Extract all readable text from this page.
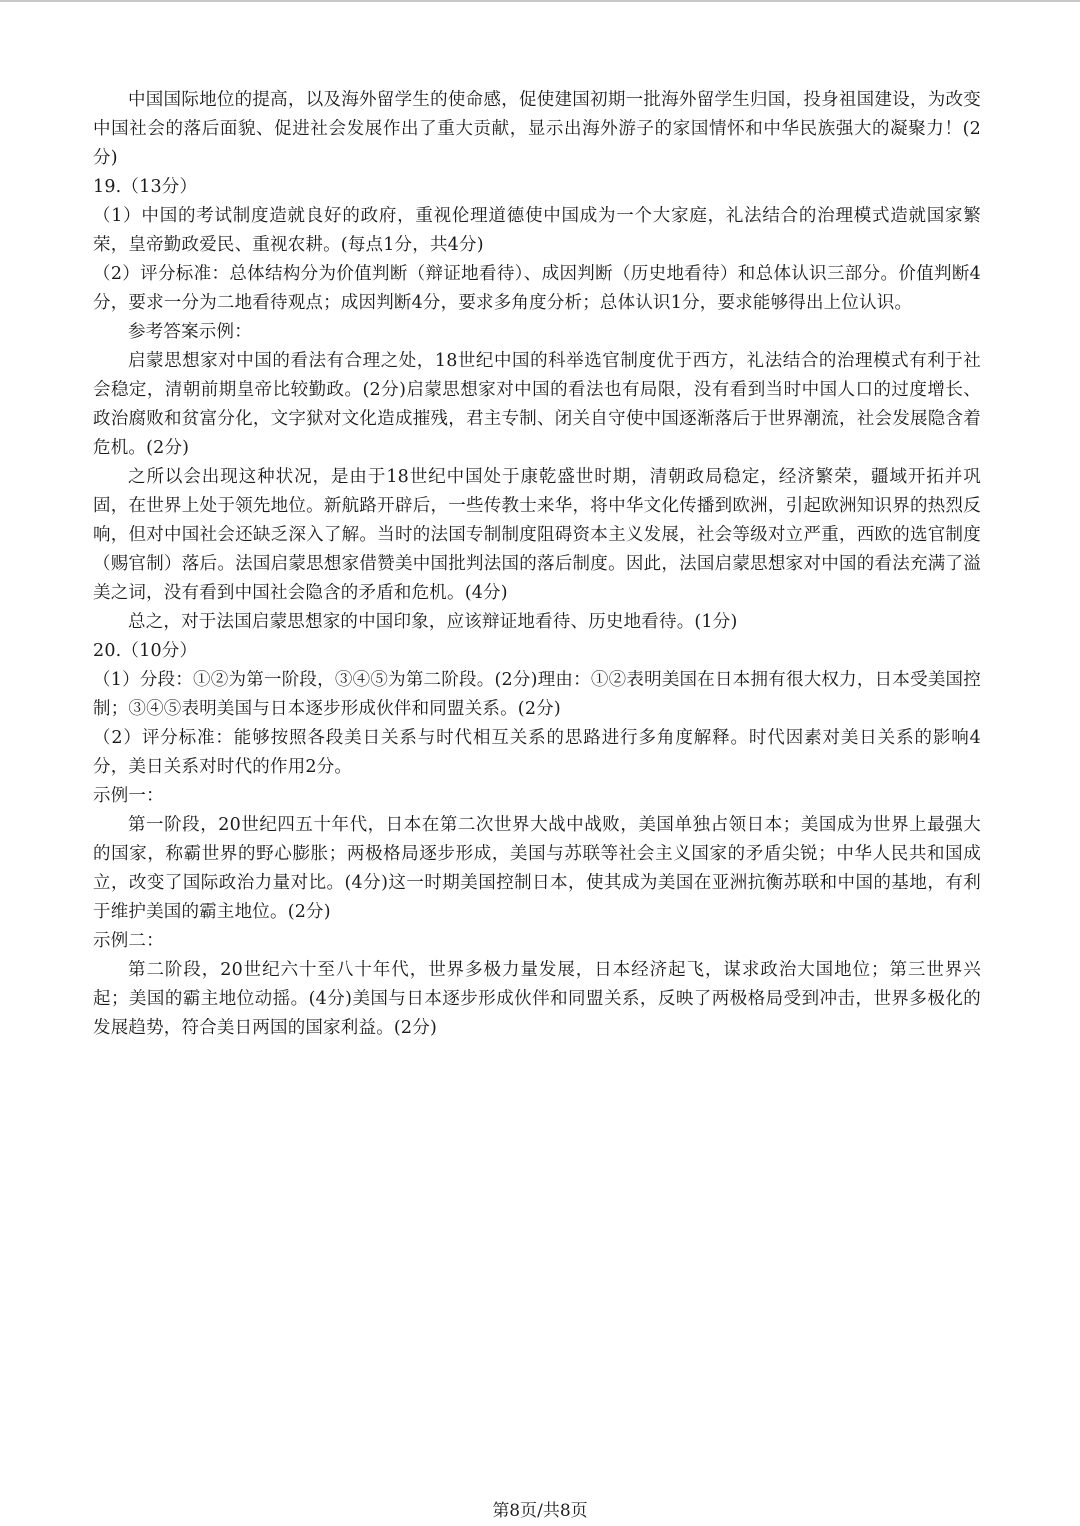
中国国际地位的提高，以及海外留学生的使命感，促使建国初期一批海外留学生归国，投身祖国建设，为改变中国社会的落后面貌、促进社会发展作出了重大贡献，显示出海外游子的家国情怀和中华民族强大的凝聚力！(2分)

19.（13分）

（1）中国的考试制度造就良好的政府，重视伦理道德使中国成为一个大家庭，礼法结合的治理模式造就国家繁荣，皇帝勤政爱民、重视农耕。(每点1分，共4分)

（2）评分标准：总体结构分为价值判断（辩证地看待）、成因判断（历史地看待）和总体认识三部分。价值判断4分，要求一分为二地看待观点；成因判断4分，要求多角度分析；总体认识1分，要求能够得出上位认识。

参考答案示例：

启蒙思想家对中国的看法有合理之处，18世纪中国的科举选官制度优于西方，礼法结合的治理模式有利于社会稳定，清朝前期皇帝比较勤政。(2分)启蒙思想家对中国的看法也有局限，没有看到当时中国人口的过度增长、政治腐败和贫富分化，文字狱对文化造成摧残，君主专制、闭关自守使中国逐渐落后于世界潮流，社会发展隐含着危机。(2分)

之所以会出现这种状况，是由于18世纪中国处于康乾盛世时期，清朝政局稳定，经济繁荣，疆域开拓并巩固，在世界上处于领先地位。新航路开辟后，一些传教士来华，将中华文化传播到欧洲，引起欧洲知识界的热烈反响，但对中国社会还缺乏深入了解。当时的法国专制制度阻碍资本主义发展，社会等级对立严重，西欧的选官制度（赐官制）落后。法国启蒙思想家借赞美中国批判法国的落后制度。因此，法国启蒙思想家对中国的看法充满了溢美之词，没有看到中国社会隐含的矛盾和危机。(4分)

总之，对于法国启蒙思想家的中国印象，应该辩证地看待、历史地看待。(1分)

20.（10分）

（1）分段：①②为第一阶段，③④⑤为第二阶段。(2分)理由：①②表明美国在日本拥有很大权力，日本受美国控制；③④⑤表明美国与日本逐步形成伙伴和同盟关系。(2分)

（2）评分标准：能够按照各段美日关系与时代相互关系的思路进行多角度解释。时代因素对美日关系的影响4分，美日关系对时代的作用2分。

示例一：

第一阶段，20世纪四五十年代，日本在第二次世界大战中战败，美国单独占领日本；美国成为世界上最强大的国家，称霸世界的野心膨胀；两极格局逐步形成，美国与苏联等社会主义国家的矛盾尖锐；中华人民共和国成立，改变了国际政治力量对比。(4分)这一时期美国控制日本，使其成为美国在亚洲抗衡苏联和中国的基地，有利于维护美国的霸主地位。(2分)

示例二：

第二阶段，20世纪六十至八十年代，世界多极力量发展，日本经济起飞，谋求政治大国地位；第三世界兴起；美国的霸主地位动摇。(4分)美国与日本逐步形成伙伴和同盟关系，反映了两极格局受到冲击，世界多极化的发展趋势，符合美日两国的国家利益。(2分)

第8页/共8页
